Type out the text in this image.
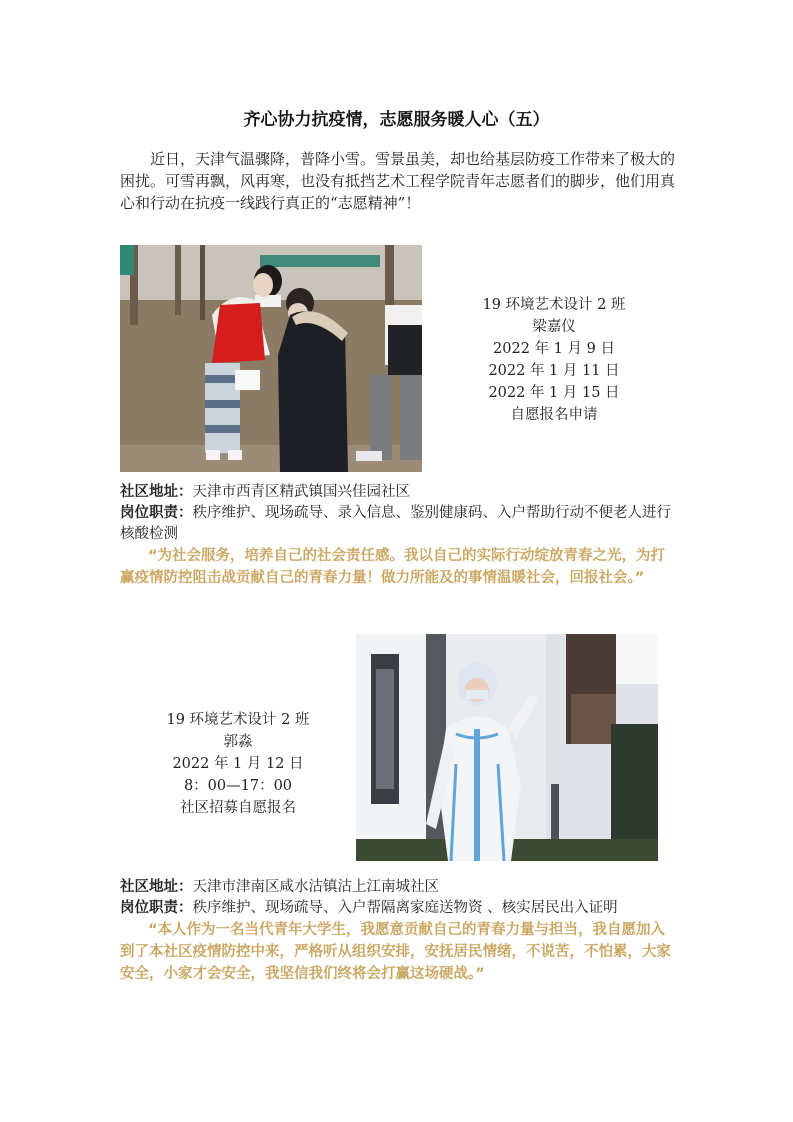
齐心协力抗疫情，志愿服务暖人心（五）
近日，天津气温骤降，普降小雪。雪景虽美，却也给基层防疫工作带来了极大的困扰。可雪再飘，风再寒，也没有抵挡艺术工程学院青年志愿者们的脚步，他们用真心和行动在抗疫一线践行真正的“志愿精神”！
19 环境艺术设计 2 班
梁嘉仪
2022 年 1 月 9 日
2022 年 1 月 11 日
2022 年 1 月 15 日
自愿报名申请
社区地址：天津市西青区精武镇国兴佳园社区
岗位职责：秩序维护、现场疏导、录入信息、鉴别健康码、入户帮助行动不便老人进行核酸检测
“为社会服务，培养自己的社会责任感。我以自己的实际行动绽放青春之光，为打赢疫情防控阻击战贡献自己的青春力量！做力所能及的事情温暖社会，回报社会。”
19 环境艺术设计 2 班
郭淼
2022 年 1 月 12 日
8：00—17：00
社区招募自愿报名
社区地址：天津市津南区咸水沽镇沽上江南城社区
岗位职责：秩序维护、现场疏导、入户帮隔离家庭送物资 、核实居民出入证明
“本人作为一名当代青年大学生，我愿意贡献自己的青春力量与担当，我自愿加入到了本社区疫情防控中来，严格听从组织安排，安抚居民情绪，不说苦，不怕累，大家安全，小家才会安全，我坚信我们终将会打赢这场硬战。”
